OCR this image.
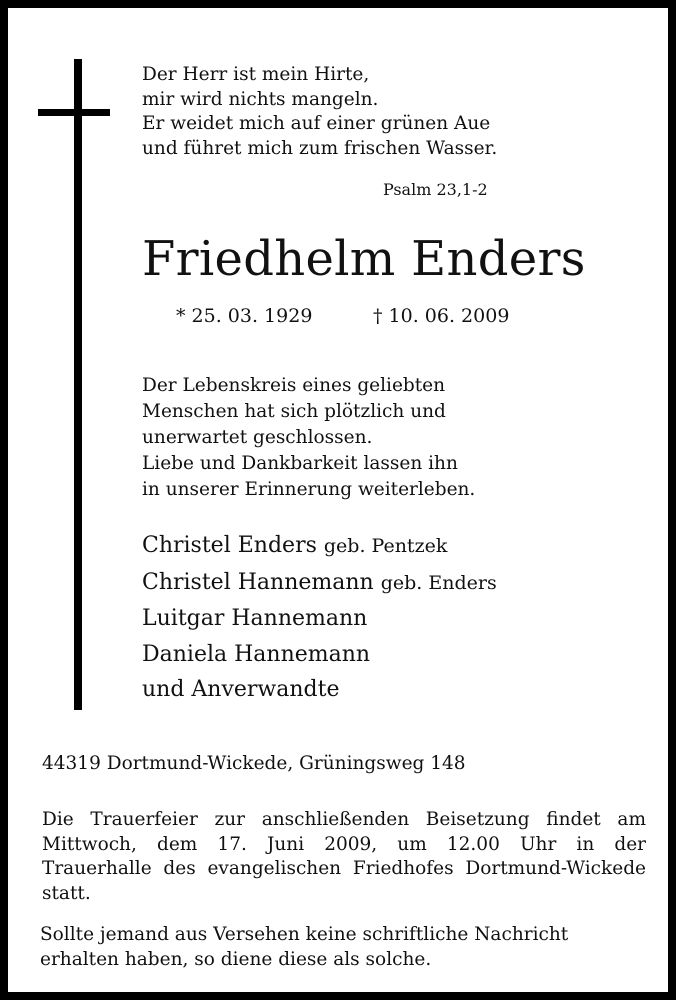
Der Herr ist mein Hirte,
mir wird nichts mangeln.
Er weidet mich auf einer grünen Aue
und führet mich zum frischen Wasser.
Psalm 23,1-2
Friedhelm Enders
* 25. 03. 1929	† 10. 06. 2009
Der Lebenskreis eines geliebten
Menschen hat sich plötzlich und
unerwartet geschlossen.
Liebe und Dankbarkeit lassen ihn
in unserer Erinnerung weiterleben.
Christel Enders geb. Pentzek
Christel Hannemann geb. Enders
Luitgar Hannemann
Daniela Hannemann
und Anverwandte
44319 Dortmund-Wickede, Grüningsweg 148
Die Trauerfeier zur anschließenden Beisetzung findet am
Mittwoch, dem 17. Juni 2009, um 12.00 Uhr in der
Trauerhalle des evangelischen Friedhofes Dortmund-Wickede
statt.
Sollte jemand aus Versehen keine schriftliche Nachricht
erhalten haben, so diene diese als solche.
